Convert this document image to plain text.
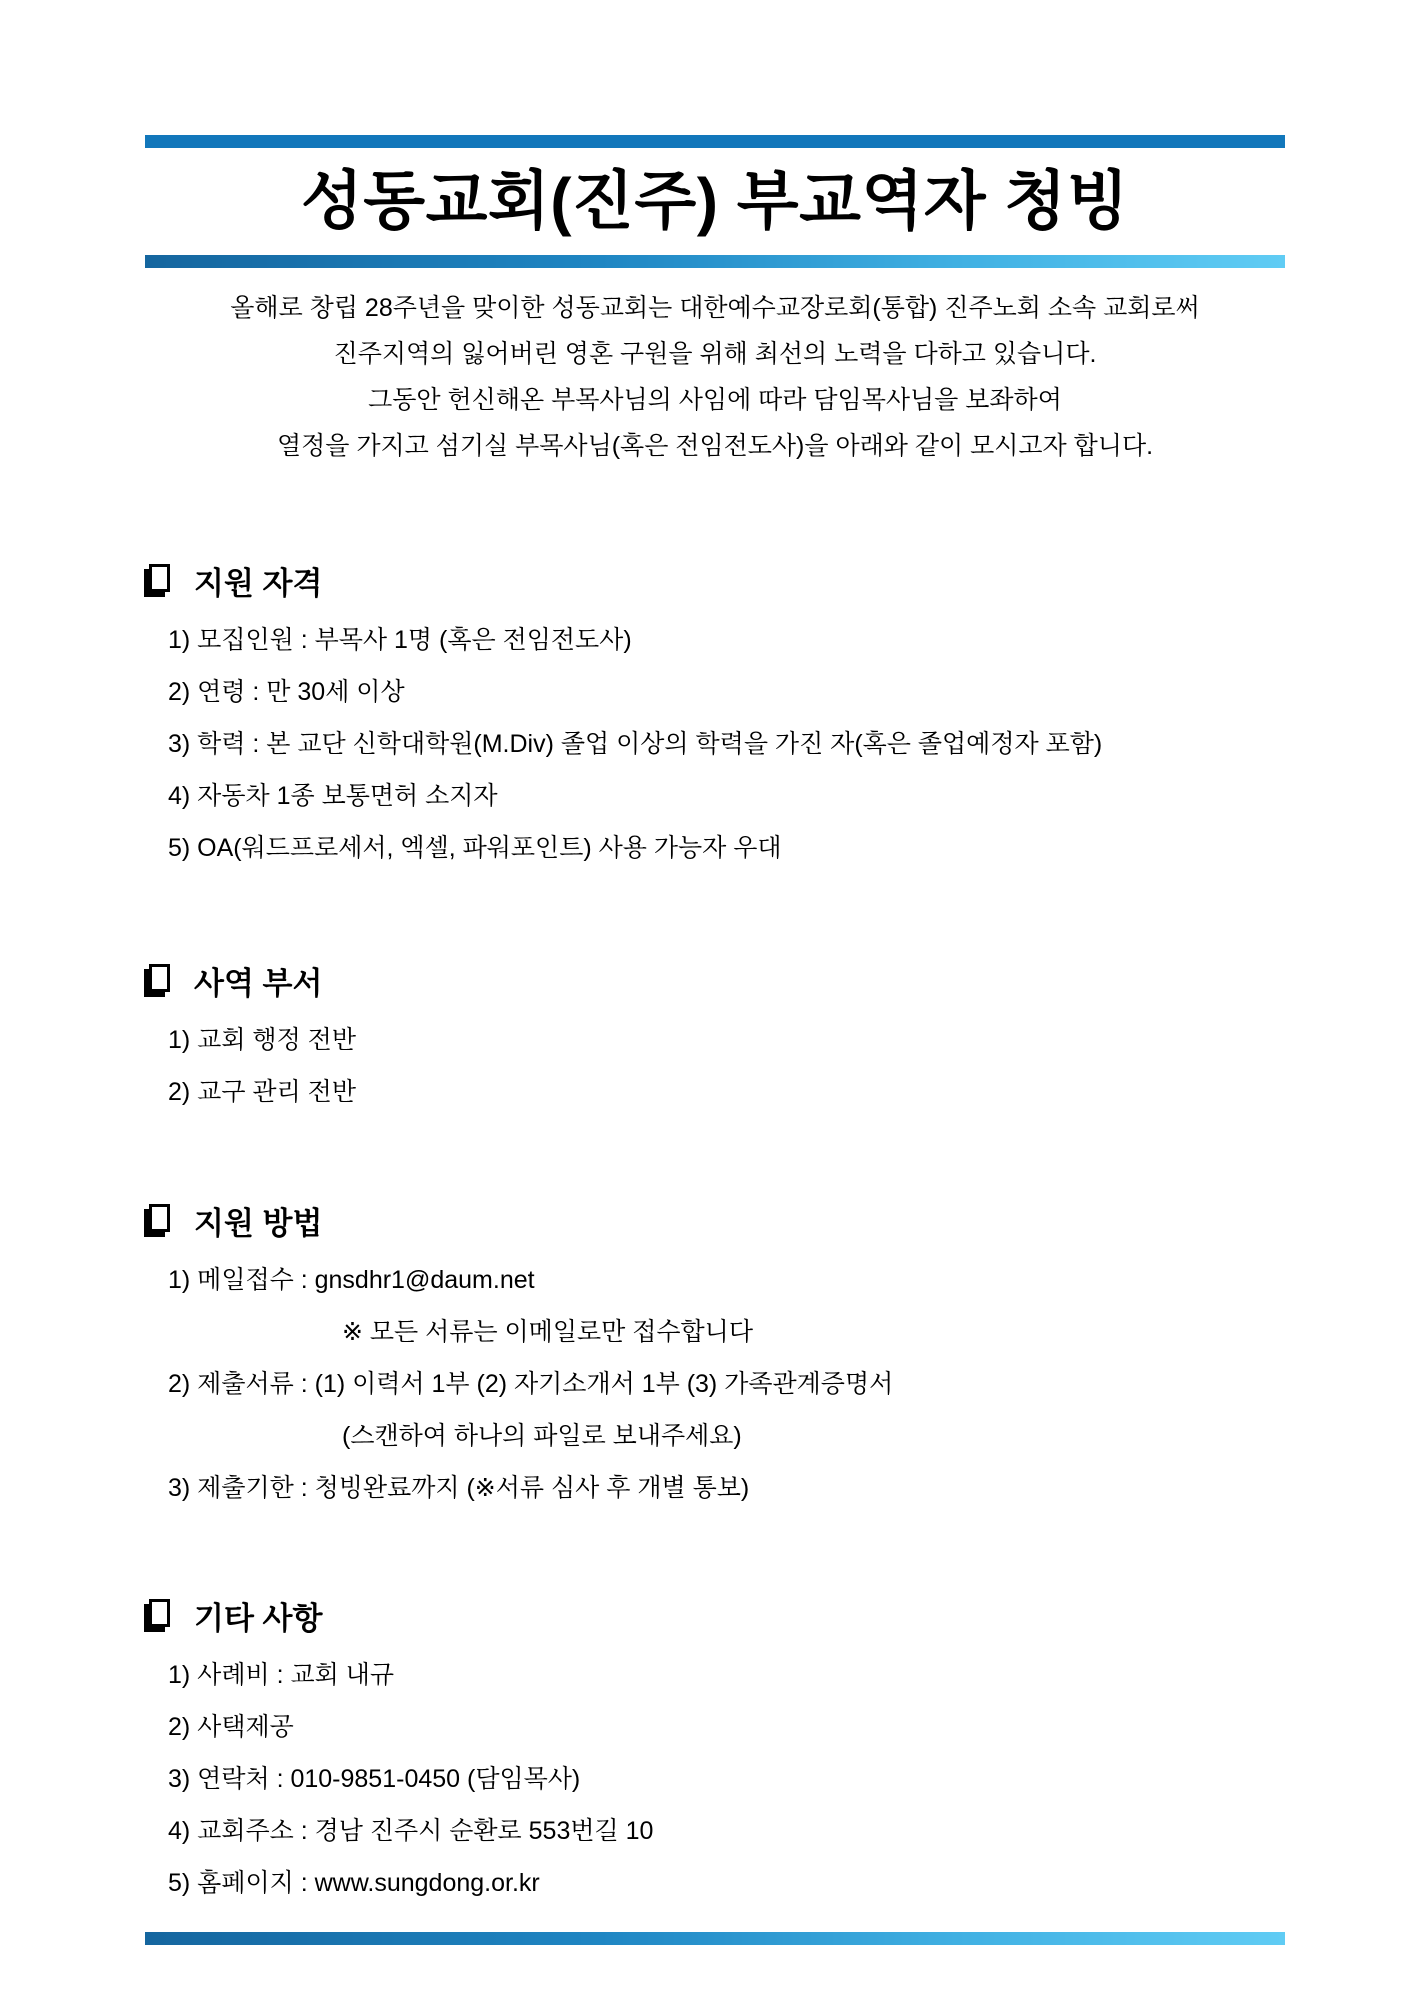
성동교회(진주) 부교역자 청빙
올해로 창립 28주년을 맞이한 성동교회는 대한예수교장로회(통합) 진주노회 소속 교회로써
진주지역의 잃어버린 영혼 구원을 위해 최선의 노력을 다하고 있습니다.
그동안 헌신해온 부목사님의 사임에 따라 담임목사님을 보좌하여
열정을 가지고 섬기실 부목사님(혹은 전임전도사)을 아래와 같이 모시고자 합니다.
지원 자격
1) 모집인원 : 부목사 1명 (혹은 전임전도사)
2) 연령 : 만 30세 이상
3) 학력 : 본 교단 신학대학원(M.Div) 졸업 이상의 학력을 가진 자(혹은 졸업예정자 포함)
4) 자동차 1종 보통면허 소지자
5) OA(워드프로세서, 엑셀, 파워포인트) 사용 가능자 우대
사역 부서
1) 교회 행정 전반
2) 교구 관리 전반
지원 방법
1) 메일접수 : gnsdhr1@daum.net
※ 모든 서류는 이메일로만 접수합니다
2) 제출서류 : (1) 이력서 1부 (2) 자기소개서 1부 (3) 가족관계증명서
(스캔하여 하나의 파일로 보내주세요)
3) 제출기한 : 청빙완료까지 (※서류 심사 후 개별 통보)
기타 사항
1) 사례비 : 교회 내규
2) 사택제공
3) 연락처 : 010-9851-0450 (담임목사)
4) 교회주소 : 경남 진주시 순환로 553번길 10
5) 홈페이지 : www.sungdong.or.kr
